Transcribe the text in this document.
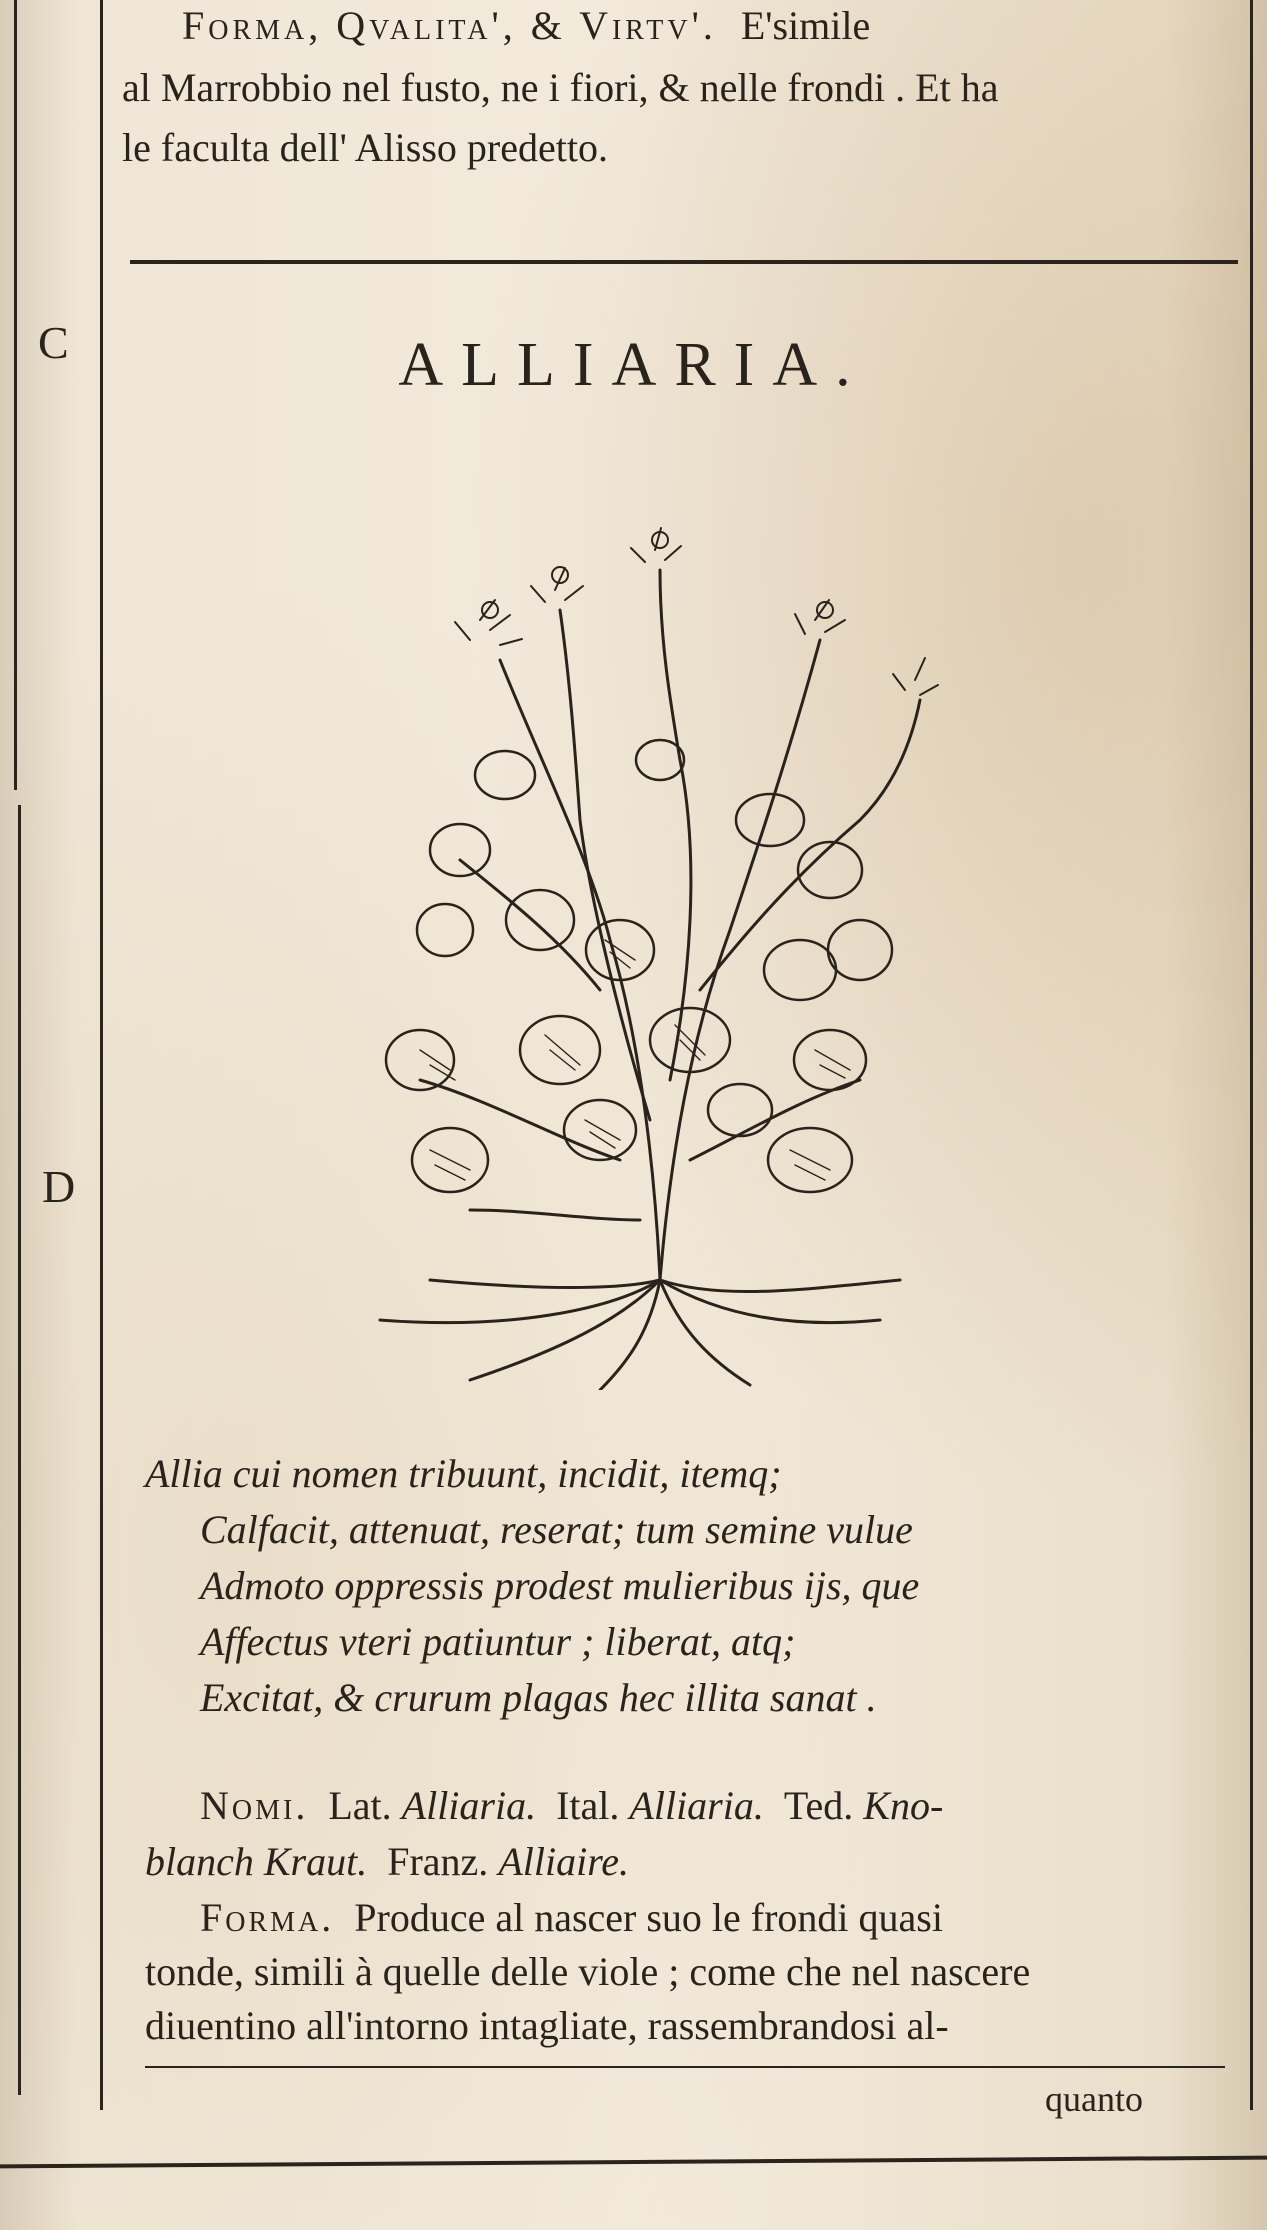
C
D
Forma, Qvalita', & Virtv'. E'simile
al Marrobbio nel fusto, ne i fiori, & nelle frondi . Et ha
le faculta dell' Alisso predetto.
ALLIARIA.
Allia cui nomen tribuunt, incidit, itemq;
Calfacit, attenuat, reserat; tum semine vulue
Admoto oppressis prodest mulieribus ijs, que
Affectus vteri patiuntur ; liberat, atq;
Excitat, & crurum plagas hec illita sanat .
Nomi. Lat. Alliaria. Ital. Alliaria. Ted. Kno-
blanch Kraut. Franz. Alliaire.
Forma. Produce al nascer suo le frondi quasi
tonde, simili à quelle delle viole ; come che nel nascere
diuentino all'intorno intagliate, rassembrandosi al-
quanto
